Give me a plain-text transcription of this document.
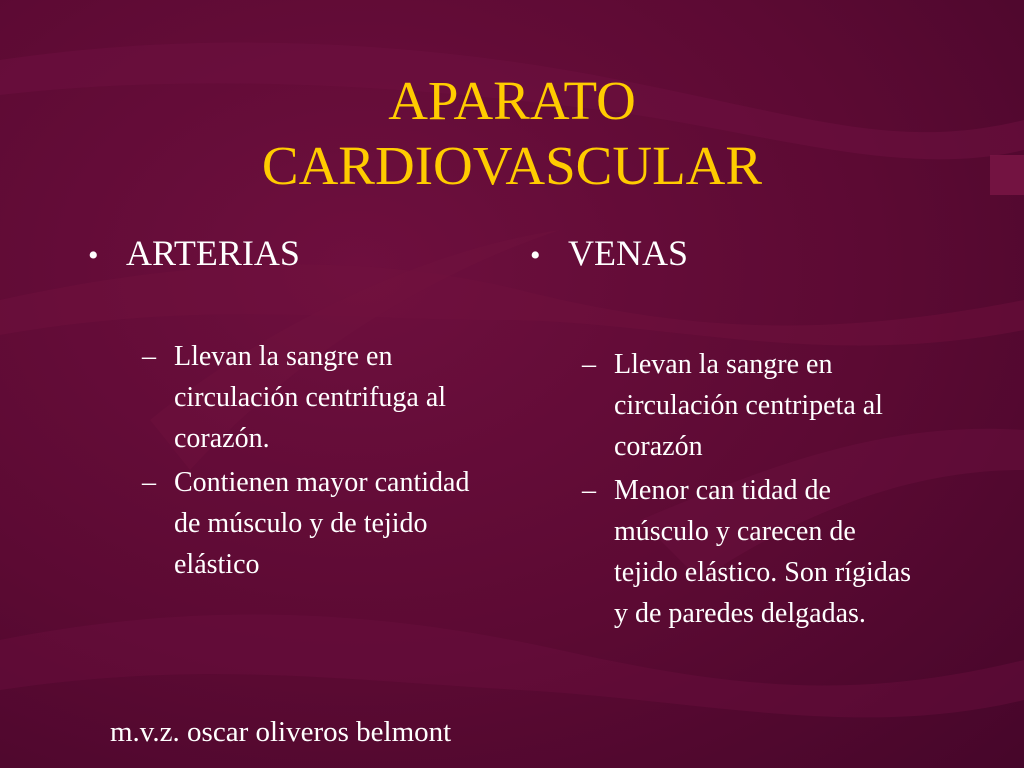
APARATO
CARDIOVASCULAR
• ARTERIAS
– Llevan la sangre en circulación centrifuga al corazón.
– Contienen mayor cantidad de músculo y de tejido elástico
• VENAS
– Llevan la sangre en circulación centripeta al corazón
– Menor can tidad de músculo y carecen de tejido elástico. Son rígidas y de paredes delgadas.
m.v.z. oscar oliveros belmont
